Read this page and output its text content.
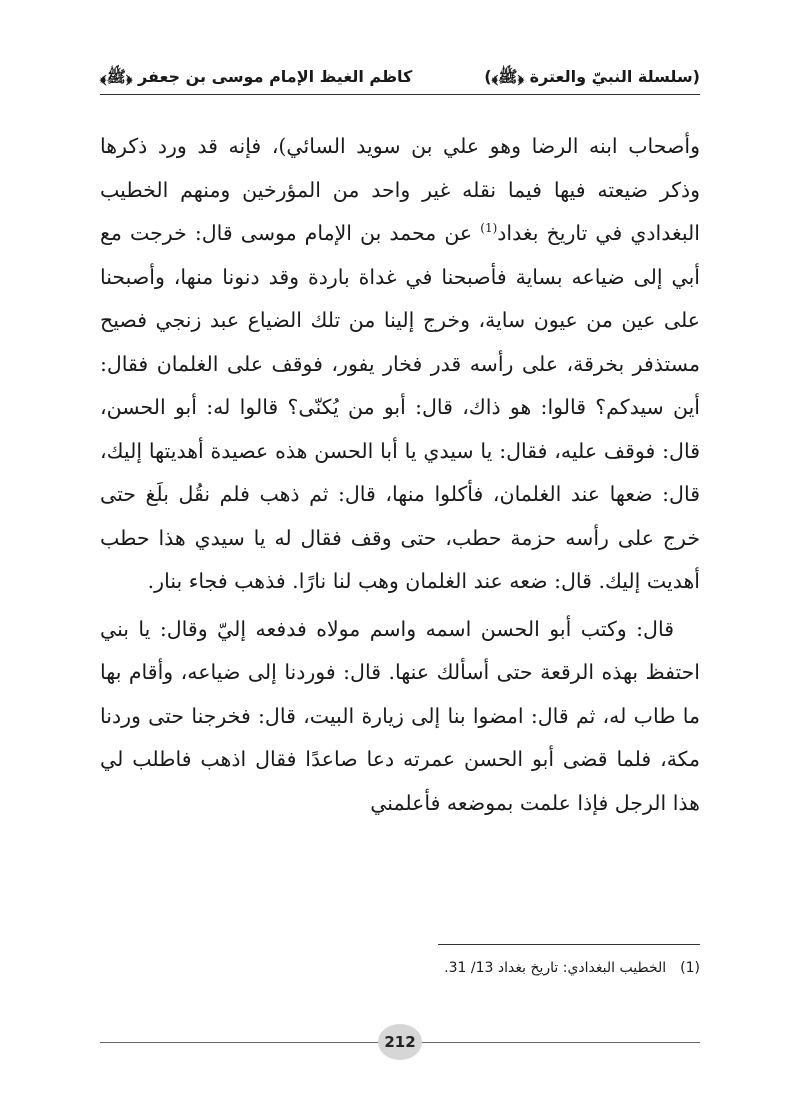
(سلسلة النبيّ والعترة ﴿ﷺ﴾)
كاظم الغيظ الإمام موسى بن جعفر ﴿ﷺ﴾

وأصحاب ابنه الرضا وهو علي بن سويد السائي)، فإنه قد ورد ذكرها وذكر ضيعته فيها فيما نقله غير واحد من المؤرخين ومنهم الخطيب البغدادي في تاريخ بغداد$^{(1)}$ عن محمد بن الإمام موسى قال: خرجت مع أبي إلى ضياعه بساية فأصبحنا في غداة باردة وقد دنونا منها، وأصبحنا على عين من عيون ساية، وخرج إلينا من تلك الضياع عبد زنجي فصيح مستذفر بخرقة، على رأسه قدر فخار يفور، فوقف على الغلمان فقال: أين سيدكم؟ قالوا: هو ذاك، قال: أبو من يُكنّى؟ قالوا له: أبو الحسن، قال: فوقف عليه، فقال: يا سيدي يا أبا الحسن هذه عصيدة أهديتها إليك، قال: ضعها عند الغلمان، فأكلوا منها، قال: ثم ذهب فلم نقُل بلَغ حتى خرج على رأسه حزمة حطب، حتى وقف فقال له يا سيدي هذا حطب أهديت إليك. قال: ضعه عند الغلمان وهب لنا نارًا. فذهب فجاء بنار.

قال: وكتب أبو الحسن اسمه واسم مولاه فدفعه إليّ وقال: يا بني احتفظ بهذه الرقعة حتى أسألك عنها. قال: فوردنا إلى ضياعه، وأقام بها ما طاب له، ثم قال: امضوا بنا إلى زيارة البيت، قال: فخرجنا حتى وردنا مكة، فلما قضى أبو الحسن عمرته دعا صاعدًا فقال اذهب فاطلب لي هذا الرجل فإذا علمت بموضعه فأعلمني

(1)الخطيب البغدادي: تاريخ بغداد 13/ 31.
212
